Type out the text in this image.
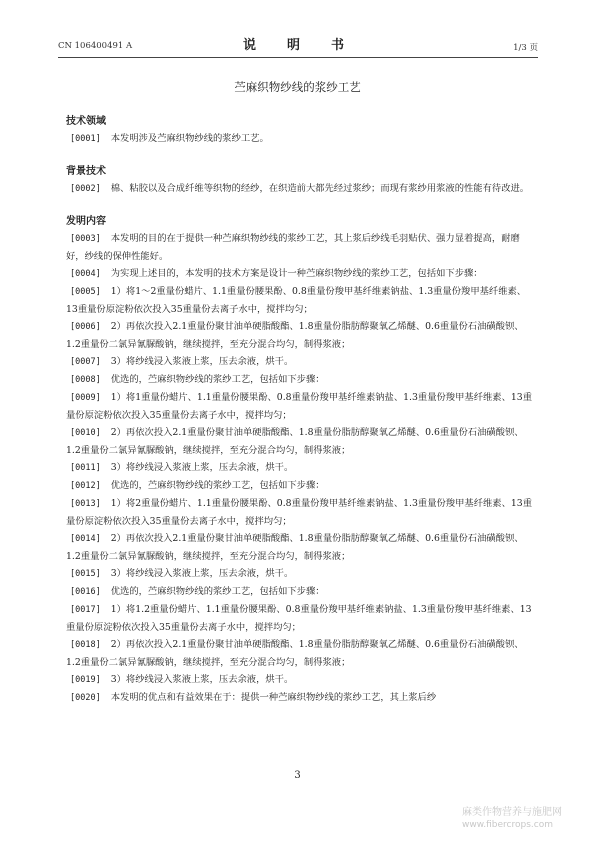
CN 106400491 A	说　明　书	1/3 页
苎麻织物纱线的浆纱工艺
技术领域

[0001] 本发明涉及苎麻织物纱线的浆纱工艺。

背景技术

[0002] 棉、粘胶以及合成纤维等织物的经纱，在织造前大都先经过浆纱；而现有浆纱用浆液的性能有待改进。

发明内容

[0003] 本发明的目的在于提供一种苎麻织物纱线的浆纱工艺，其上浆后纱线毛羽贴伏、强力显着提高，耐磨好，纱线的保伸性能好。

[0004] 为实现上述目的，本发明的技术方案是设计一种苎麻织物纱线的浆纱工艺，包括如下步骤：

[0005] 1）将1～2重量份蜡片、1.1重量份腰果酚、0.8重量份羧甲基纤维素钠盐、1.3重量份羧甲基纤维素、13重量份原淀粉依次投入35重量份去离子水中，搅拌均匀；

[0006] 2）再依次投入2.1重量份聚甘油单硬脂酸酯、1.8重量份脂肪醇聚氧乙烯醚、0.6重量份石油磺酸钡、1.2重量份二氯异氰脲酸钠，继续搅拌，至充分混合均匀，制得浆液；

[0007] 3）将纱线浸入浆液上浆，压去余液，烘干。

[0008] 优选的，苎麻织物纱线的浆纱工艺，包括如下步骤：

[0009] 1）将1重量份蜡片、1.1重量份腰果酚、0.8重量份羧甲基纤维素钠盐、1.3重量份羧甲基纤维素、13重量份原淀粉依次投入35重量份去离子水中，搅拌均匀；

[0010] 2）再依次投入2.1重量份聚甘油单硬脂酸酯、1.8重量份脂肪醇聚氧乙烯醚、0.6重量份石油磺酸钡、1.2重量份二氯异氰脲酸钠，继续搅拌，至充分混合均匀，制得浆液；

[0011] 3）将纱线浸入浆液上浆，压去余液，烘干。

[0012] 优选的，苎麻织物纱线的浆纱工艺，包括如下步骤：

[0013] 1）将2重量份蜡片、1.1重量份腰果酚、0.8重量份羧甲基纤维素钠盐、1.3重量份羧甲基纤维素、13重量份原淀粉依次投入35重量份去离子水中，搅拌均匀；

[0014] 2）再依次投入2.1重量份聚甘油单硬脂酸酯、1.8重量份脂肪醇聚氧乙烯醚、0.6重量份石油磺酸钡、1.2重量份二氯异氰脲酸钠，继续搅拌，至充分混合均匀，制得浆液；

[0015] 3）将纱线浸入浆液上浆，压去余液，烘干。

[0016] 优选的，苎麻织物纱线的浆纱工艺，包括如下步骤：

[0017] 1）将1.2重量份蜡片、1.1重量份腰果酚、0.8重量份羧甲基纤维素钠盐、1.3重量份羧甲基纤维素、13重量份原淀粉依次投入35重量份去离子水中，搅拌均匀；

[0018] 2）再依次投入2.1重量份聚甘油单硬脂酸酯、1.8重量份脂肪醇聚氧乙烯醚、0.6重量份石油磺酸钡、1.2重量份二氯异氰脲酸钠，继续搅拌，至充分混合均匀，制得浆液；

[0019] 3）将纱线浸入浆液上浆，压去余液，烘干。

[0020] 本发明的优点和有益效果在于：提供一种苎麻织物纱线的浆纱工艺，其上浆后纱

3
麻类作物营养与施肥网
www.fibercrops.com
